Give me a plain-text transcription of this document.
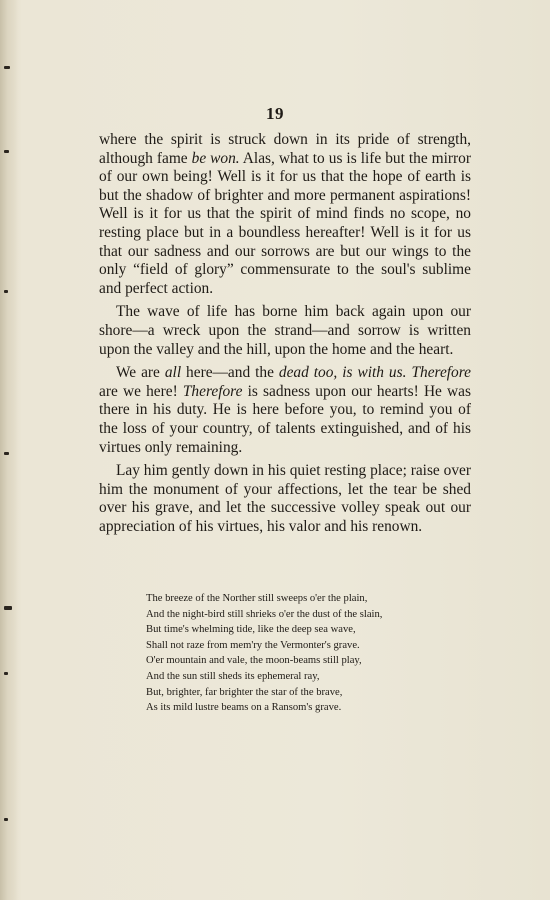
19

where the spirit is struck down in its pride of strength, although fame be won. Alas, what to us is life but the mirror of our own being! Well is it for us that the hope of earth is but the shadow of brighter and more permanent aspirations! Well is it for us that the spirit of mind finds no scope, no resting place but in a boundless hereafter! Well is it for us that our sadness and our sorrows are but our wings to the only “field of glory” commensurate to the soul's sublime and perfect action.

The wave of life has borne him back again upon our shore—a wreck upon the strand—and sorrow is written upon the valley and the hill, upon the home and the heart.

We are all here—and the dead too, is with us. Therefore are we here! Therefore is sadness upon our hearts! He was there in his duty. He is here before you, to remind you of the loss of your country, of talents extinguished, and of his virtues only remaining.

Lay him gently down in his quiet resting place; raise over him the monument of your affections, let the tear be shed over his grave, and let the successive volley speak out our appreciation of his virtues, his valor and his renown.

The breeze of the Norther still sweeps o'er the plain,
And the night-bird still shrieks o'er the dust of the slain,
But time's whelming tide, like the deep sea wave,
Shall not raze from mem'ry the Vermonter's grave.
O'er mountain and vale, the moon-beams still play,
And the sun still sheds its ephemeral ray,
But, brighter, far brighter the star of the brave,
As its mild lustre beams on a Ransom's grave.
